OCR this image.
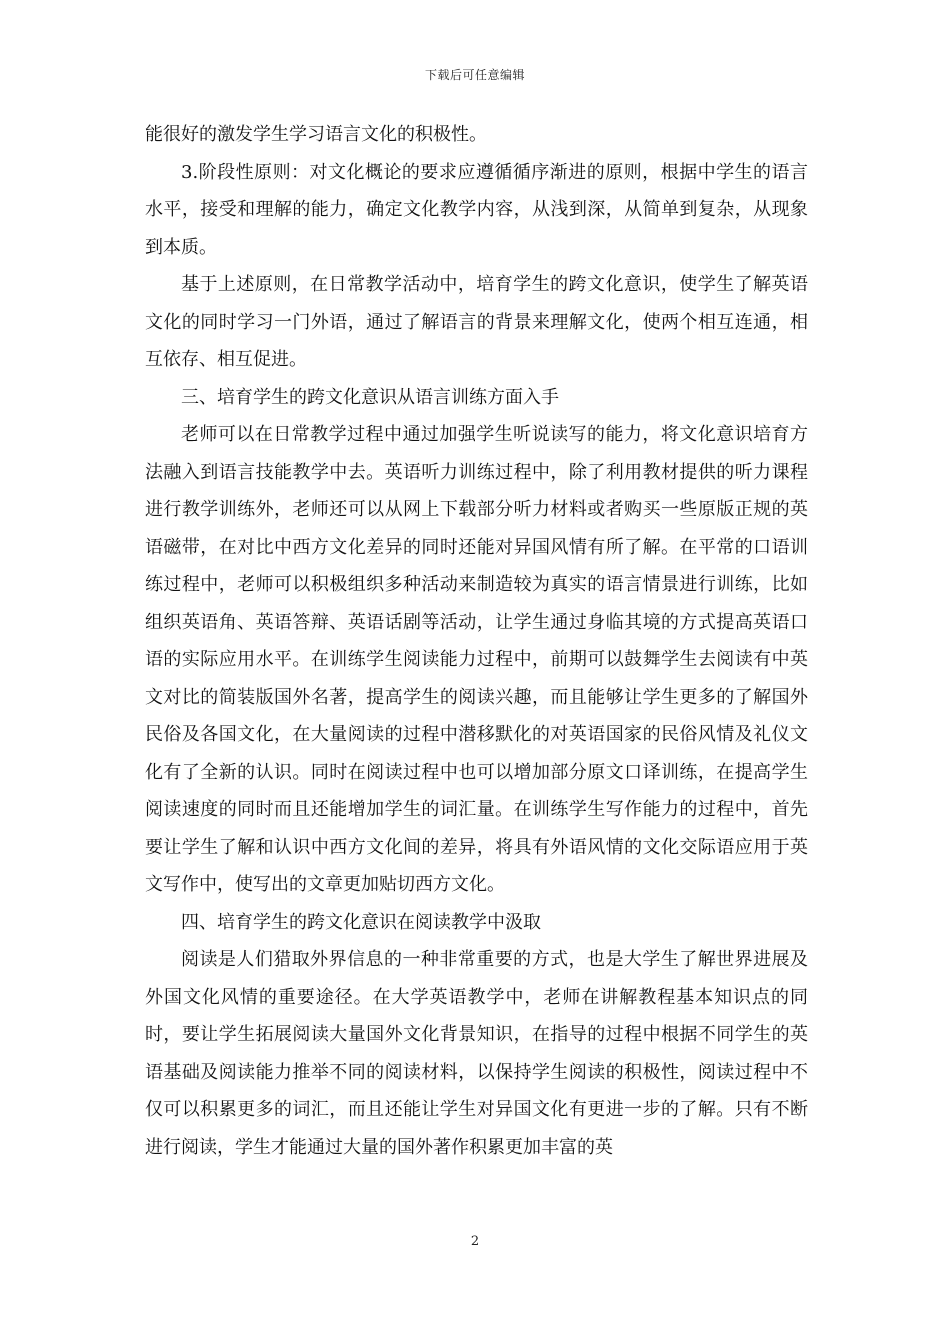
下载后可任意编辑

能很好的激发学生学习语言文化的积极性。

3.阶段性原则：对文化概论的要求应遵循循序渐进的原则，根据中学生的语言水平，接受和理解的能力，确定文化教学内容，从浅到深，从简单到复杂，从现象到本质。

基于上述原则，在日常教学活动中，培育学生的跨文化意识，使学生了解英语文化的同时学习一门外语，通过了解语言的背景来理解文化，使两个相互连通，相互依存、相互促进。

三、培育学生的跨文化意识从语言训练方面入手

老师可以在日常教学过程中通过加强学生听说读写的能力，将文化意识培育方法融入到语言技能教学中去。英语听力训练过程中，除了利用教材提供的听力课程进行教学训练外，老师还可以从网上下载部分听力材料或者购买一些原版正规的英语磁带，在对比中西方文化差异的同时还能对异国风情有所了解。在平常的口语训练过程中，老师可以积极组织多种活动来制造较为真实的语言情景进行训练，比如组织英语角、英语答辩、英语话剧等活动，让学生通过身临其境的方式提高英语口语的实际应用水平。在训练学生阅读能力过程中，前期可以鼓舞学生去阅读有中英文对比的简装版国外名著，提高学生的阅读兴趣，而且能够让学生更多的了解国外民俗及各国文化，在大量阅读的过程中潜移默化的对英语国家的民俗风情及礼仪文化有了全新的认识。同时在阅读过程中也可以增加部分原文口译训练，在提高学生阅读速度的同时而且还能增加学生的词汇量。在训练学生写作能力的过程中，首先要让学生了解和认识中西方文化间的差异，将具有外语风情的文化交际语应用于英文写作中，使写出的文章更加贴切西方文化。

四、培育学生的跨文化意识在阅读教学中汲取

阅读是人们猎取外界信息的一种非常重要的方式，也是大学生了解世界进展及外国文化风情的重要途径。在大学英语教学中，老师在讲解教程基本知识点的同时，要让学生拓展阅读大量国外文化背景知识，在指导的过程中根据不同学生的英语基础及阅读能力推举不同的阅读材料，以保持学生阅读的积极性，阅读过程中不仅可以积累更多的词汇，而且还能让学生对异国文化有更进一步的了解。只有不断进行阅读，学生才能通过大量的国外著作积累更加丰富的英

2
